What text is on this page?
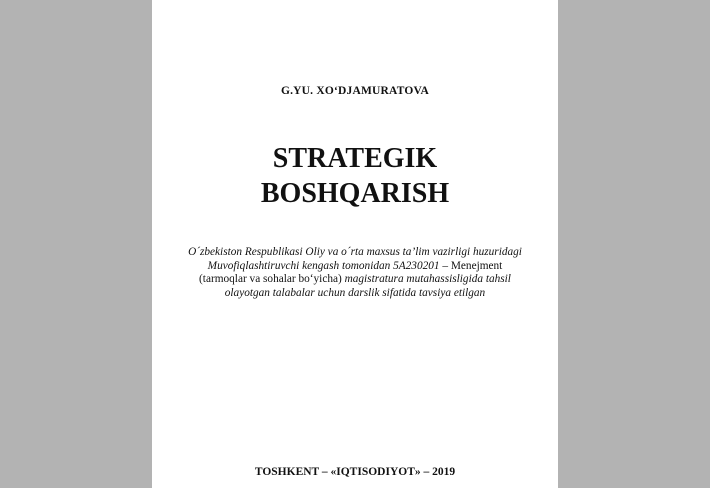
G.YU. XO‘DJAMURATOVA
STRATEGIK
BOSHQARISH
O´zbekiston Respublikasi Oliy va o´rta maxsus ta’lim vazirligi huzuridagi
Muvofiqlashtiruvchi kengash tomonidan 5A230201 – Menejment
(tarmoqlar va sohalar bo‘yicha) magistratura mutahassisligida tahsil
olayotgan talabalar uchun darslik sifatida tavsiya etilgan
TOSHKENT – «IQTISODIYOT» – 2019
